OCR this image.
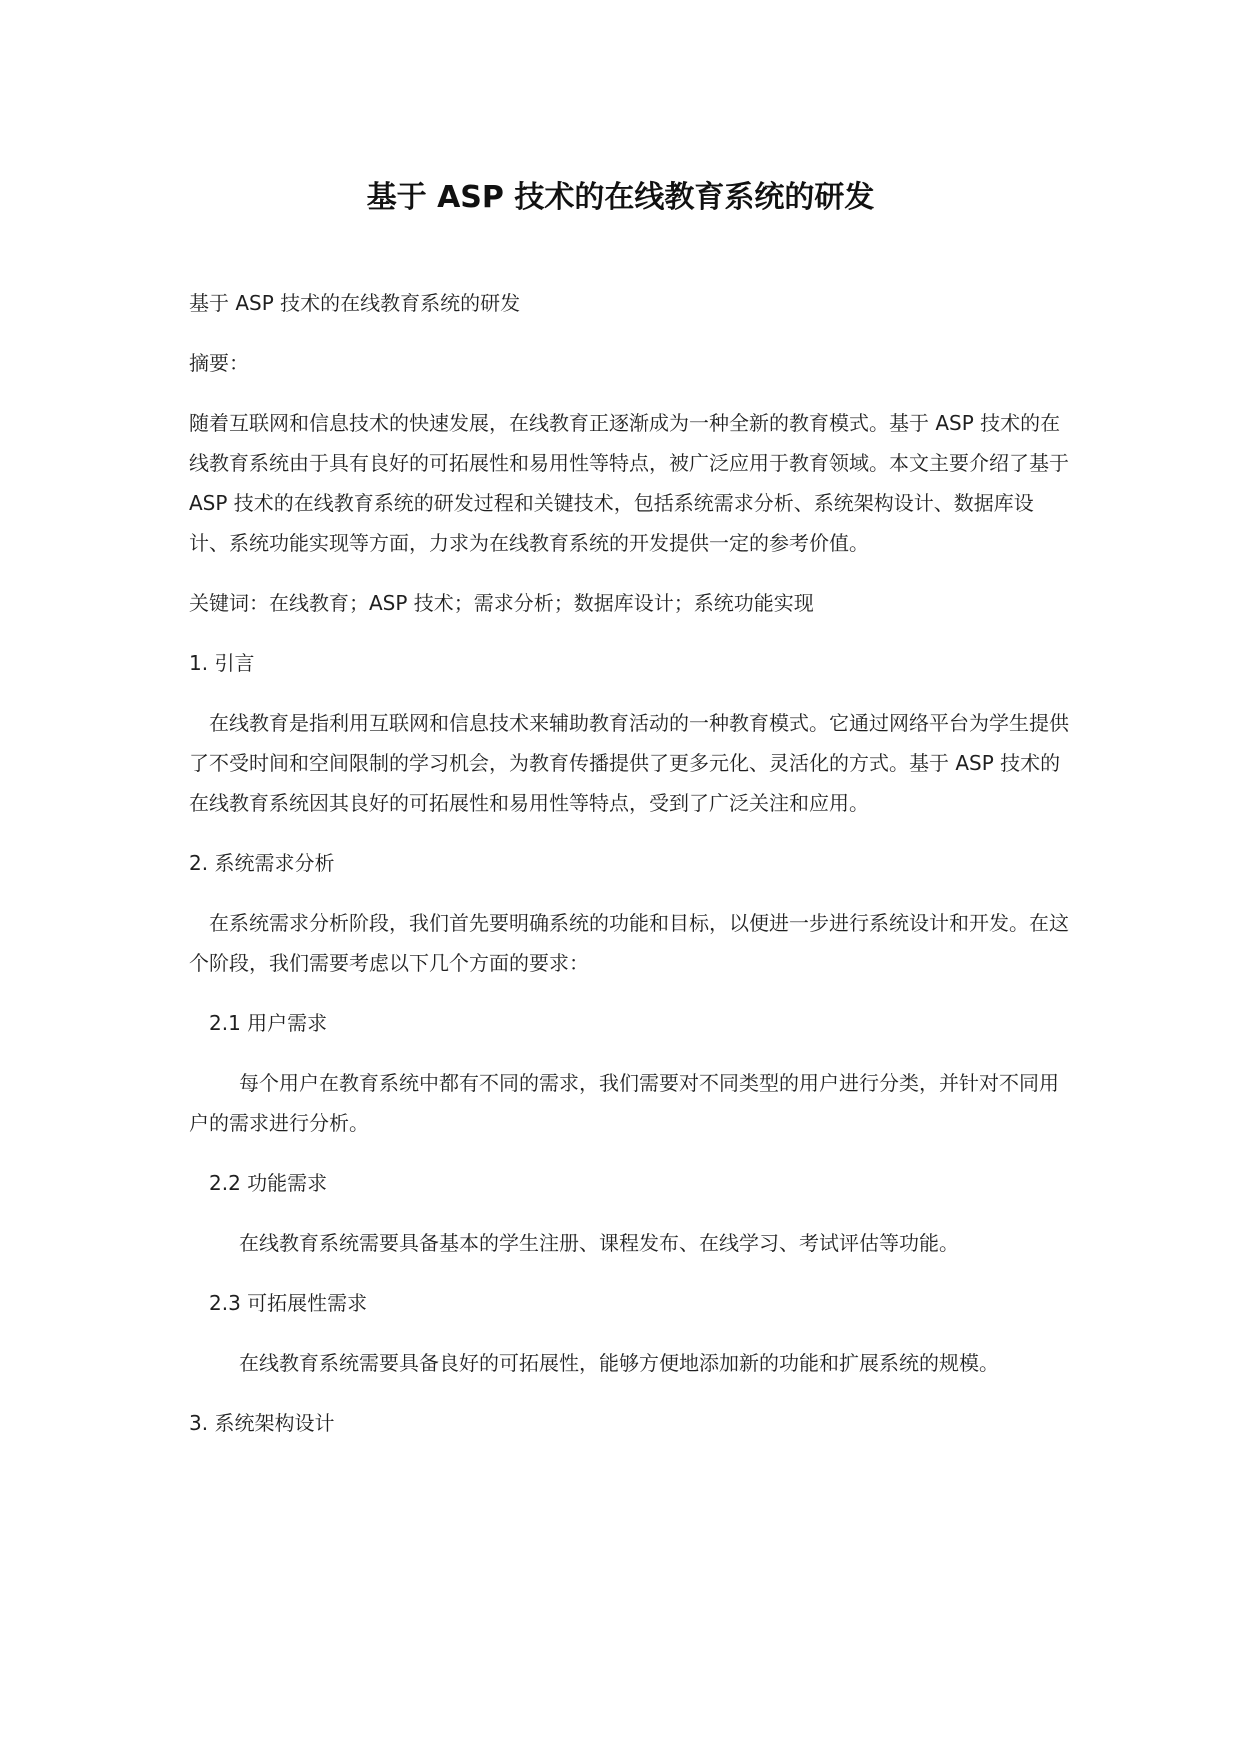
基于 ASP 技术的在线教育系统的研发

基于 ASP 技术的在线教育系统的研发

摘要：

随着互联网和信息技术的快速发展，在线教育正逐渐成为一种全新的教育模式。基于 ASP 技术的在线教育系统由于具有良好的可拓展性和易用性等特点，被广泛应用于教育领域。本文主要介绍了基于 ASP 技术的在线教育系统的研发过程和关键技术，包括系统需求分析、系统架构设计、数据库设计、系统功能实现等方面，力求为在线教育系统的开发提供一定的参考价值。

关键词：在线教育；ASP 技术；需求分析；数据库设计；系统功能实现

1. 引言

在线教育是指利用互联网和信息技术来辅助教育活动的一种教育模式。它通过网络平台为学生提供了不受时间和空间限制的学习机会，为教育传播提供了更多元化、灵活化的方式。基于 ASP 技术的在线教育系统因其良好的可拓展性和易用性等特点，受到了广泛关注和应用。

2. 系统需求分析

在系统需求分析阶段，我们首先要明确系统的功能和目标，以便进一步进行系统设计和开发。在这个阶段，我们需要考虑以下几个方面的要求：

2.1 用户需求

每个用户在教育系统中都有不同的需求，我们需要对不同类型的用户进行分类，并针对不同用户的需求进行分析。

2.2 功能需求

在线教育系统需要具备基本的学生注册、课程发布、在线学习、考试评估等功能。

2.3 可拓展性需求

在线教育系统需要具备良好的可拓展性，能够方便地添加新的功能和扩展系统的规模。

3. 系统架构设计
